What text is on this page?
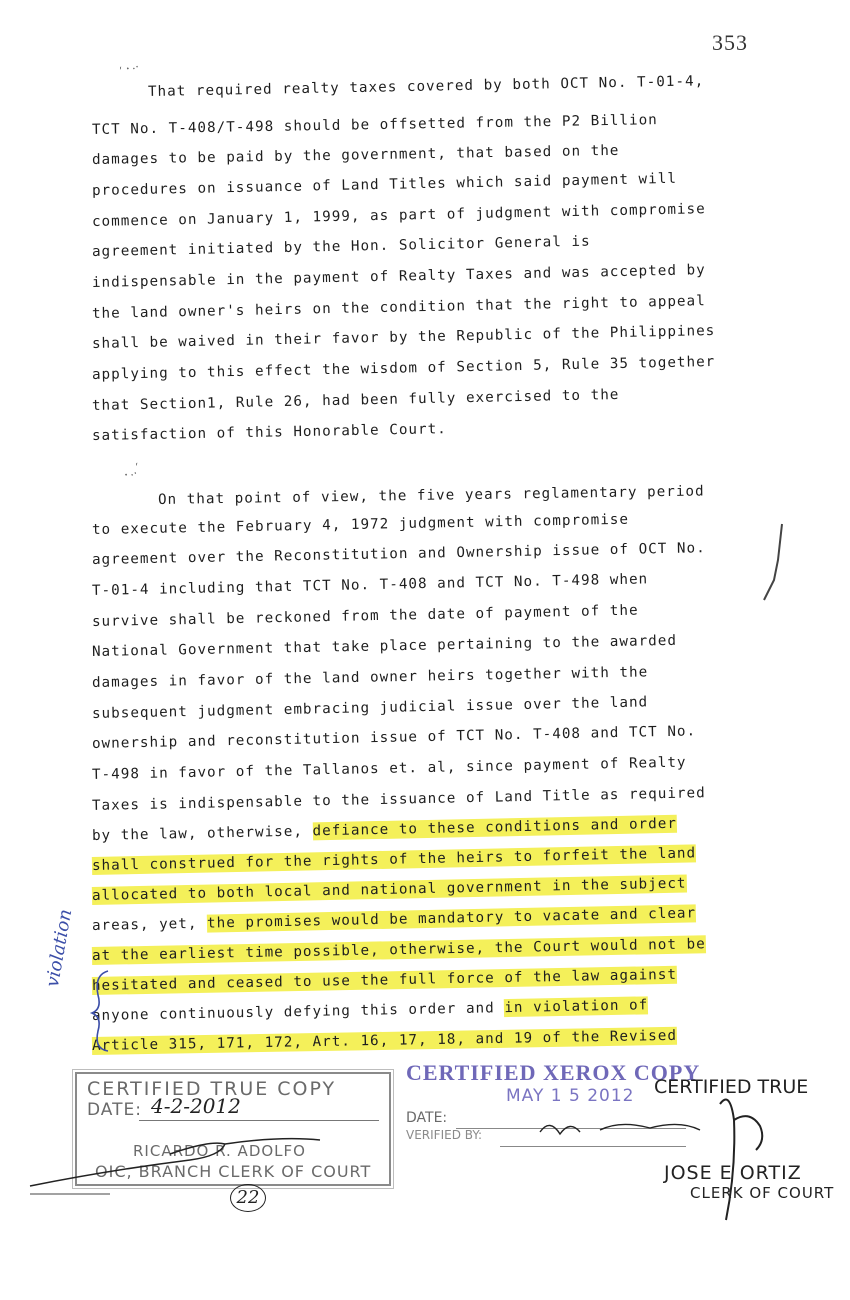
353
´·‥
·‥´
That required realty taxes covered by both OCT No. T-01-4,
TCT No. T-408/T-498 should be offsetted from the P2 Billion
damages to be paid by the government, that based on the
procedures on issuance of Land Titles which said payment will
commence on January 1, 1999, as part of judgment with compromise
agreement initiated by the Hon. Solicitor General is
indispensable in the payment of Realty Taxes and was accepted by
the land owner's heirs on the condition that the right to appeal
shall be waived in their favor by the Republic of the Philippines
applying to this effect the wisdom of Section 5, Rule 35 together
that Section1, Rule 26, had been fully exercised to the
satisfaction of this Honorable Court.
On that point of view, the five years reglamentary period
to execute the February 4, 1972 judgment with compromise
agreement over the Reconstitution and Ownership issue of OCT No.
T-01-4 including that TCT No. T-408 and TCT No. T-498 when
survive shall be reckoned from the date of payment of the
National Government that take place pertaining to the awarded
damages in favor of the land owner heirs together with the
subsequent judgment embracing judicial issue over the land
ownership and reconstitution issue of TCT No. T-408 and TCT No.
T-498 in favor of the Tallanos et. al, since payment of Realty
Taxes is indispensable to the issuance of Land Title as required
by the law, otherwise, defiance to these conditions and order
shall construed for the rights of the heirs to forfeit the land
allocated to both local and national government in the subject
areas, yet, the promises would be mandatory to vacate and clear
at the earliest time possible, otherwise, the Court would not be
hesitated and ceased to use the full force of the law against
anyone continuously defying this order and in violation of
Article 315, 171, 172, Art. 16, 17, 18, and 19 of the Revised
violation
CERTIFIED TRUE COPY
DATE: 4-2-2012
RICARDO R. ADOLFO
OIC, BRANCH CLERK OF COURT
22
CERTIFIED XEROX COPY
MAY 1 5 2012
DATE:
VERIFIED BY:
CERTIFIED TRUE
JOSE E ORTIZ
CLERK OF COURT
